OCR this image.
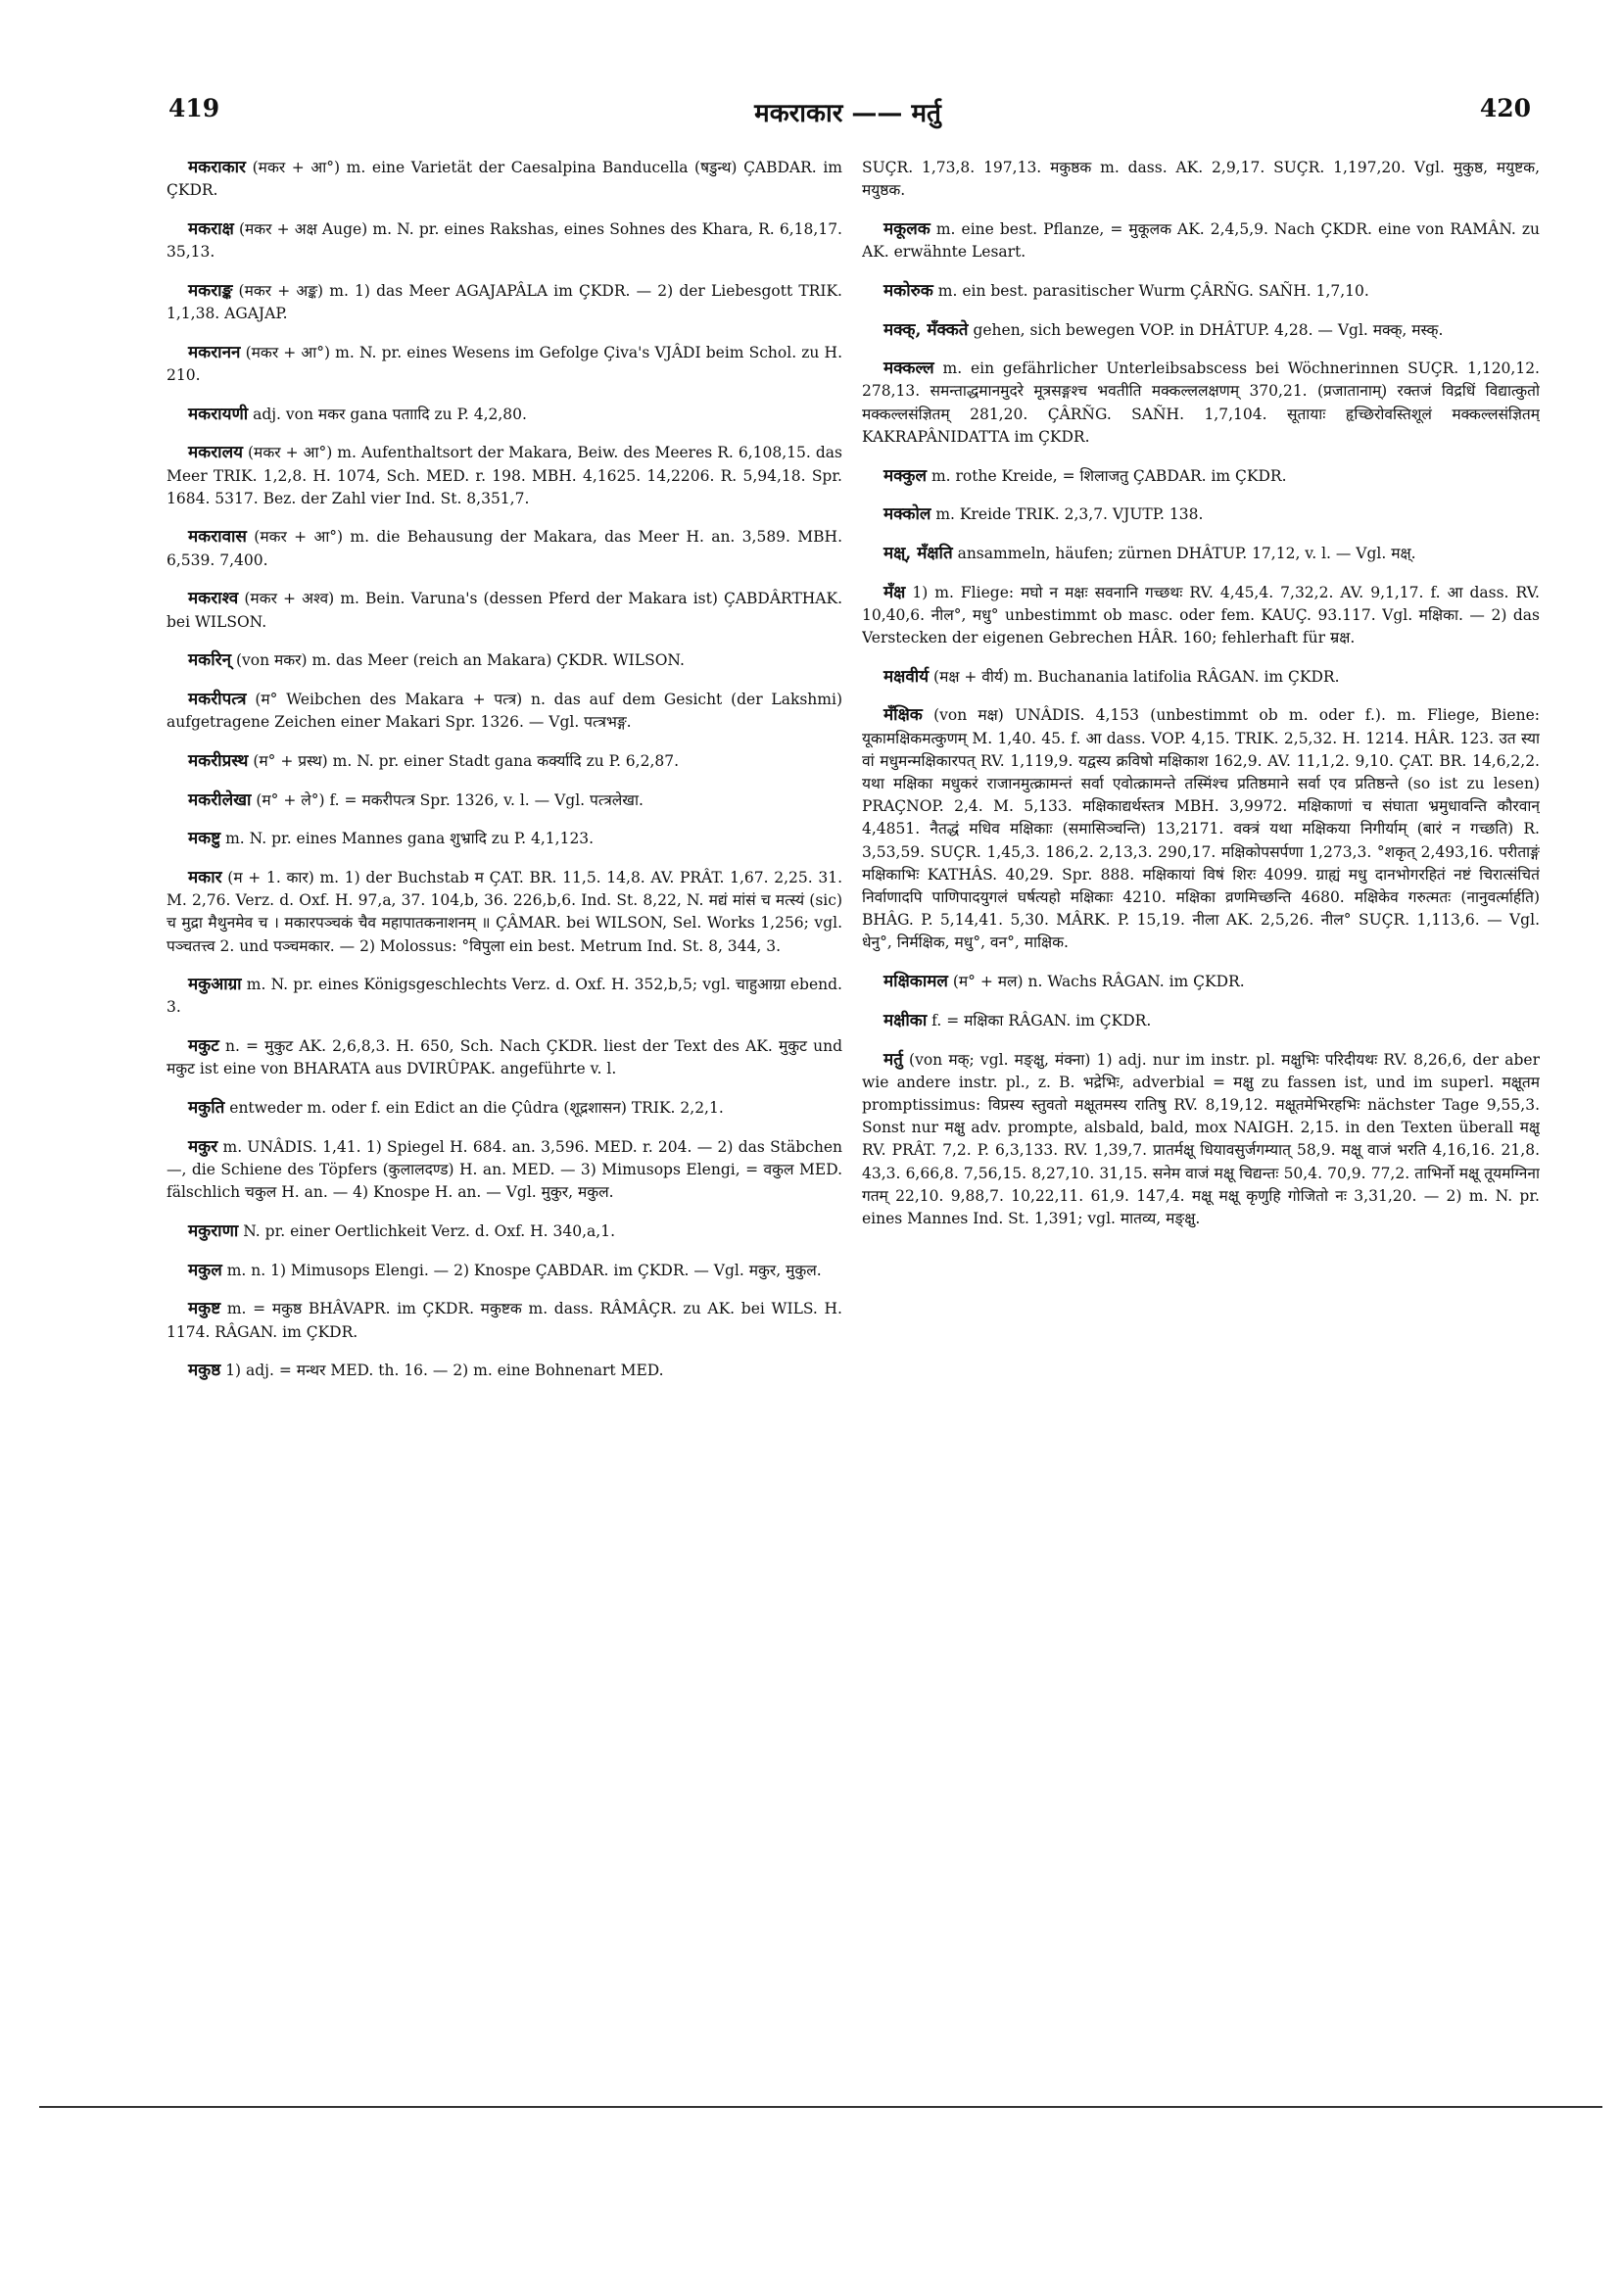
419	मकराकार —— मर्तु	420

मकराकार (मकर + आ°) m. eine Varietät der Caesalpina Banducella (षडुन्थ) ÇABDAR. im ÇKDR.

मकराक्ष (मकर + अक्ष Auge) m. N. pr. eines Rakshas, eines Sohnes des Khara, R. 6,18,17. 35,13.

मकराङ्क (मकर + अङ्क) m. 1) das Meer AGAJAPÂLA im ÇKDR. — 2) der Liebesgott TRIK. 1,1,38. AGAJAP.

मकरानन (मकर + आ°) m. N. pr. eines Wesens im Gefolge Çiva's VJÂDI beim Schol. zu H. 210.

मकरायणी adj. von मकर gana पताादि zu P. 4,2,80.

मकरालय (मकर + आ°) m. Aufenthaltsort der Makara, Beiw. des Meeres R. 6,108,15. das Meer TRIK. 1,2,8. H. 1074, Sch. MED. r. 198. MBH. 4,1625. 14,2206. R. 5,94,18. Spr. 1684. 5317. Bez. der Zahl vier Ind. St. 8,351,7.

मकरावास (मकर + आ°) m. die Behausung der Makara, das Meer H. an. 3,589. MBH. 6,539. 7,400.

मकराश्व (मकर + अश्व) m. Bein. Varuna's (dessen Pferd der Makara ist) ÇABDÂRTHAK. bei WILSON.

मकरिन् (von मकर) m. das Meer (reich an Makara) ÇKDR. WILSON.

मकरीपत्त्र (म° Weibchen des Makara + पत्त्र) n. das auf dem Gesicht (der Lakshmi) aufgetragene Zeichen einer Makari Spr. 1326. — Vgl. पत्त्रभङ्ग.

मकरीप्रस्थ (म° + प्रस्थ) m. N. pr. einer Stadt gana कर्क्यादि zu P. 6,2,87.

मकरीलेखा (म° + ले°) f. = मकरीपत्त्र Spr. 1326, v. l. — Vgl. पत्त्रलेखा.

मकष्टु m. N. pr. eines Mannes gana शुभ्रादि zu P. 4,1,123.

मकार (म + 1. कार) m. 1) der Buchstab म ÇAT. BR. 11,5. 14,8. AV. PRÂT. 1,67. 2,25. 31. M. 2,76. Verz. d. Oxf. H. 97,a, 37. 104,b, 36. 226,b,6. Ind. St. 8,22, N. मद्यं मांसं च मत्स्यं (sic) च मुद्रा मैथुनमेव च । मकारपञ्चकं चैव महापातकनाशनम् ॥ ÇÂMAR. bei WILSON, Sel. Works 1,256; vgl. पञ्चतत्त्व 2. und पञ्चमकार. — 2) Molossus: °विपुला ein best. Metrum Ind. St. 8, 344, 3.

मकुआग्रा m. N. pr. eines Königsgeschlechts Verz. d. Oxf. H. 352,b,5; vgl. चाहुआग्रा ebend. 3.

मकुट n. = मुकुट AK. 2,6,8,3. H. 650, Sch. Nach ÇKDR. liest der Text des AK. मुकुट und मकुट ist eine von BHARATA aus DVIRÛPAK. angeführte v. l.

मकुति entweder m. oder f. ein Edict an die Çûdra (शूद्रशासन) TRIK. 2,2,1.

मकुर m. UNÂDIS. 1,41. 1) Spiegel H. 684. an. 3,596. MED. r. 204. — 2) das Stäbchen —, die Schiene des Töpfers (कुलालदण्ड) H. an. MED. — 3) Mimusops Elengi, = वकुल MED. fälschlich चकुल H. an. — 4) Knospe H. an. — Vgl. मुकुर, मकुल.

मकुराणा N. pr. einer Oertlichkeit Verz. d. Oxf. H. 340,a,1.

मकुल m. n. 1) Mimusops Elengi. — 2) Knospe ÇABDAR. im ÇKDR. — Vgl. मकुर, मुकुल.

मकुष्ट m. = मकुष्ठ BHÂVAPR. im ÇKDR. मकुष्टक m. dass. RÂMÂÇR. zu AK. bei WILS. H. 1174. RÂGAN. im ÇKDR.

मकुष्ठ 1) adj. = मन्थर MED. th. 16. — 2) m. eine Bohnenart MED.

SUÇR. 1,73,8. 197,13. मकुष्ठक m. dass. AK. 2,9,17. SUÇR. 1,197,20. Vgl. मुकुष्ठ, मयुष्टक, मयुष्ठक.

मकूलक m. eine best. Pflanze, = मुकूलक AK. 2,4,5,9. Nach ÇKDR. eine von RAMÂN. zu AK. erwähnte Lesart.

मकोरुक m. ein best. parasitischer Wurm ÇÂRÑG. SAÑH. 1,7,10.

मक्क्, मँक्कते gehen, sich bewegen VOP. in DHÂTUP. 4,28. — Vgl. मक्क्, मस्क्.

मक्कल्ल m. ein gefährlicher Unterleibsabscess bei Wöchnerinnen SUÇR. 1,120,12. 278,13. समन्ताद्धमानमुदरे मूत्रसङ्गश्च भवतीति मक्कल्ललक्षणम् 370,21. (प्रजातानाम्) रक्तजं विद्रधिं विद्यात्कुतो मक्कल्लसंज्ञितम् 281,20. ÇÂRÑG. SAÑH. 1,7,104. सूतायाः हृच्छिरोवस्तिशूलं मक्कल्लसंज्ञितम् KAKRAPÂNIDATTA im ÇKDR.

मक्कुल m. rothe Kreide, = शिलाजतु ÇABDAR. im ÇKDR.

मक्कोल m. Kreide TRIK. 2,3,7. VJUTP. 138.

मक्ष्, मँक्षति ansammeln, häufen; zürnen DHÂTUP. 17,12, v. l. — Vgl. मक्ष्.

मँक्ष 1) m. Fliege: मघो न मक्षः सवनानि गच्छथः RV. 4,45,4. 7,32,2. AV. 9,1,17. f. आ dass. RV. 10,40,6. नील°, मधु° unbestimmt ob masc. oder fem. KAUÇ. 93.117. Vgl. मक्षिका. — 2) das Verstecken der eigenen Gebrechen HÂR. 160; fehlerhaft für म्रक्ष.

मक्षवीर्य (मक्ष + वीर्य) m. Buchanania latifolia RÂGAN. im ÇKDR.

मँक्षिक (von मक्ष) UNÂDIS. 4,153 (unbestimmt ob m. oder f.). m. Fliege, Biene: यूकामक्षिकमत्कुणम् M. 1,40. 45. f. आ dass. VOP. 4,15. TRIK. 2,5,32. H. 1214. HÂR. 123. उत स्या वां मधुमन्मक्षिकारपत् RV. 1,119,9. यद्वस्य क्रविषो मक्षिकाश 162,9. AV. 11,1,2. 9,10. ÇAT. BR. 14,6,2,2. यथा मक्षिका मधुकरं राजानमुत्क्रामन्तं सर्वा एवोत्क्रामन्ते तस्मिंश्च प्रतिष्ठमाने सर्वा एव प्रतिष्ठन्ते (so ist zu lesen) PRAÇNOP. 2,4. M. 5,133. मक्षिकाद्यर्थस्तत्र MBH. 3,9972. मक्षिकाणां च संघाता भ्रमुधावन्ति कौरवान् 4,4851. नैतद्धं मधिव मक्षिकाः (समासिञ्चन्ति) 13,2171. वक्त्रं यथा मक्षिकया निगीर्याम् (बारं न गच्छति) R. 3,53,59. SUÇR. 1,45,3. 186,2. 2,13,3. 290,17. मक्षिकोपसर्पणा 1,273,3. °शकृत् 2,493,16. परीताङ्गं मक्षिकाभिः KATHÂS. 40,29. Spr. 888. मक्षिकायां विषं शिरः 4099. ग्राह्यं मधु दानभोगरहितं नष्टं चिरात्संचितं निर्वाणादपि पाणिपादयुगलं घर्षत्यहो मक्षिकाः 4210. मक्षिका व्रणमिच्छन्ति 4680. मक्षिकेव गरुत्मतः (नानुवर्त्मार्हति) BHÂG. P. 5,14,41. 5,30. MÂRK. P. 15,19. नीला AK. 2,5,26. नील° SUÇR. 1,113,6. — Vgl. धेनु°, निर्मक्षिक, मधु°, वन°, माक्षिक.

मक्षिकामल (म° + मल) n. Wachs RÂGAN. im ÇKDR.

मक्षीका f. = मक्षिका RÂGAN. im ÇKDR.

मर्तु (von मक्; vgl. मङ्क्षु, मंक्ना) 1) adj. nur im instr. pl. मक्षुभिः परिदीयथः RV. 8,26,6, der aber wie andere instr. pl., z. B. भद्रेभिः, adverbial = मक्षु zu fassen ist, und im superl. मक्षूतम promptissimus: विप्रस्य स्तुवतो मक्षूतमस्य रातिषु RV. 8,19,12. मक्षूतमेभिरहभिः nächster Tage 9,55,3. Sonst nur मक्षु adv. prompte, alsbald, bald, mox NAIGH. 2,15. in den Texten überall मक्षू RV. PRÂT. 7,2. P. 6,3,133. RV. 1,39,7. प्रातर्मक्षू धियावसुर्जगम्यात् 58,9. मक्षू वाजं भरति 4,16,16. 21,8. 43,3. 6,66,8. 7,56,15. 8,27,10. 31,15. सनेम वाजं मक्षू चिद्यन्तः 50,4. 70,9. 77,2. ताभिर्नो मक्षू तूयमग्निना गतम् 22,10. 9,88,7. 10,22,11. 61,9. 147,4. मक्षू मक्षू कृणुहि गोजितो नः 3,31,20. — 2) m. N. pr. eines Mannes Ind. St. 1,391; vgl. मातव्य, मङ्क्षु.
